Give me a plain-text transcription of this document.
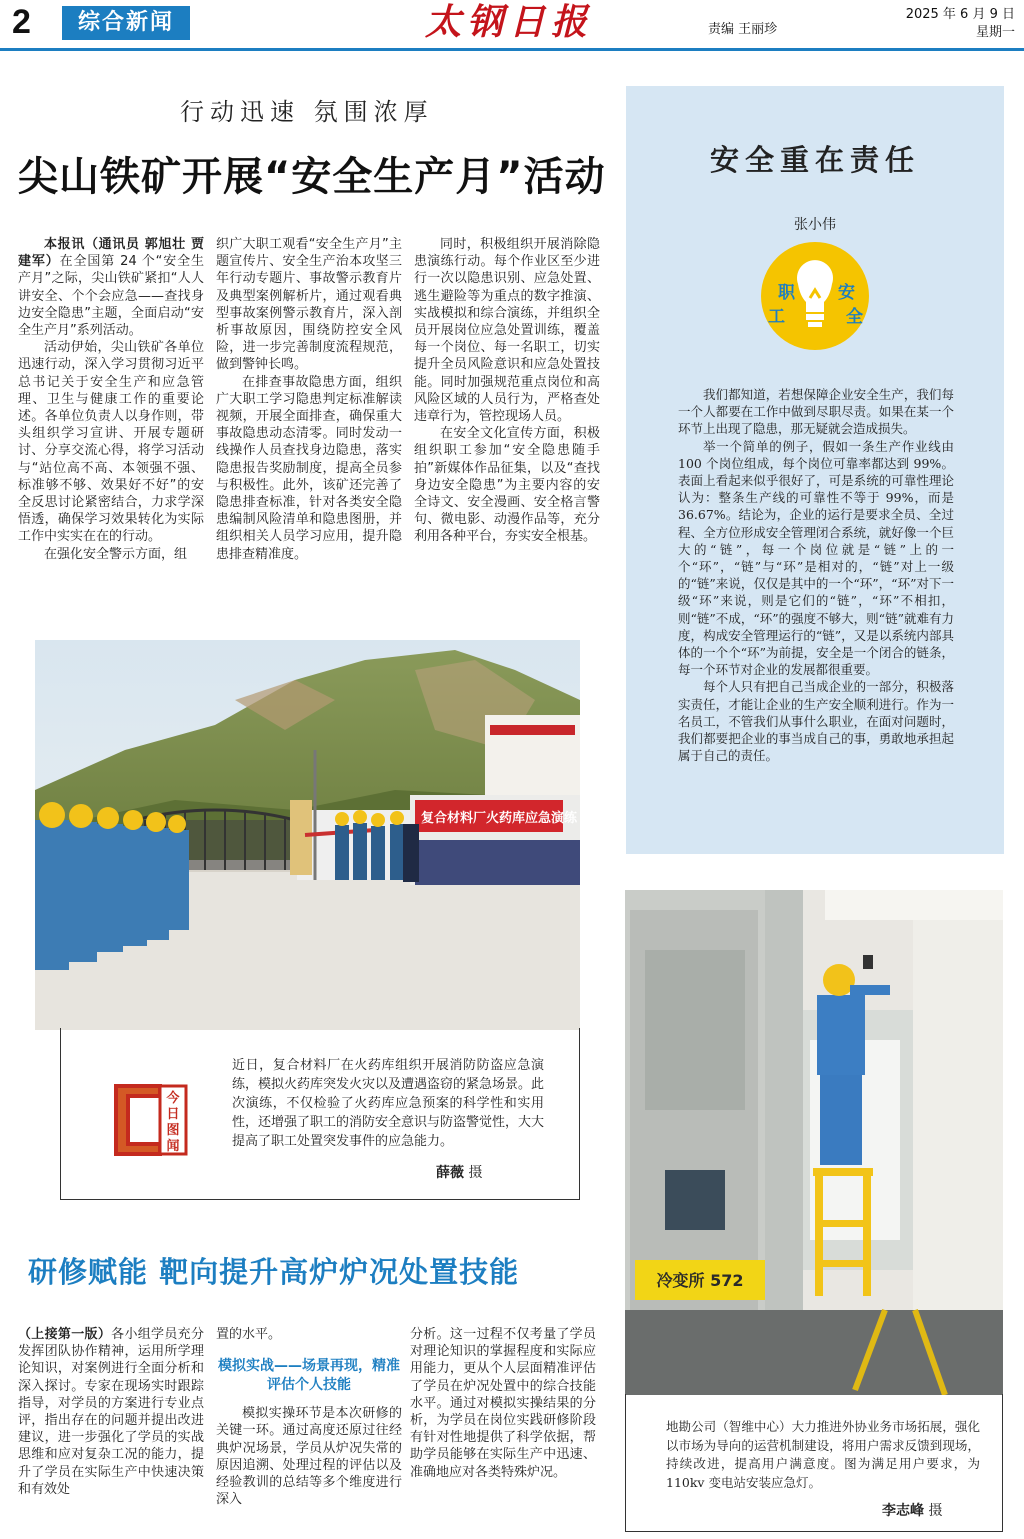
2	综合新闻	太钢日报	责编 王丽珍
2025 年 6 月 9 日
星期一
行动迅速 氛围浓厚
尖山铁矿开展“安全生产月”活动

本报讯（通讯员 郭旭壮 贾建军）在全国第 24 个“安全生产月”之际，尖山铁矿紧扣“人人讲安全、个个会应急——查找身边安全隐患”主题，全面启动“安全生产月”系列活动。

活动伊始，尖山铁矿各单位迅速行动，深入学习贯彻习近平总书记关于安全生产和应急管理、卫生与健康工作的重要论述。各单位负责人以身作则，带头组织学习宣讲、开展专题研讨、分享交流心得，将学习活动与“站位高不高、本领强不强、标准够不够、效果好不好”的安全反思讨论紧密结合，力求学深悟透，确保学习效果转化为实际工作中实实在在的行动。

在强化安全警示方面，组

织广大职工观看“安全生产月”主题宣传片、安全生产治本攻坚三年行动专题片、事故警示教育片及典型案例解析片，通过观看典型事故案例警示教育片，深入剖析事故原因，围绕防控安全风险，进一步完善制度流程规范，做到警钟长鸣。

在排查事故隐患方面，组织广大职工学习隐患判定标准解读视频，开展全面排查，确保重大事故隐患动态清零。同时发动一线操作人员查找身边隐患，落实隐患报告奖励制度，提高全员参与积极性。此外，该矿还完善了隐患排查标准，针对各类安全隐患编制风险清单和隐患图册，并组织相关人员学习应用，提升隐患排查精准度。

同时，积极组织开展消除隐患演练行动。每个作业区至少进行一次以隐患识别、应急处置、逃生避险等为重点的数字推演、实战模拟和综合演练，并组织全员开展岗位应急处置训练，覆盖每一个岗位、每一名职工，切实提升全员风险意识和应急处置技能。同时加强规范重点岗位和高风险区域的人员行为，严格查处违章行为，管控现场人员。

在安全文化宣传方面，积极组织职工参加“安全隐患随手拍”新媒体作品征集，以及“查找身边安全隐患”为主要内容的安全诗文、安全漫画、安全格言警句、微电影、动漫作品等，充分利用各种平台，夯实安全根基。

复合材料厂火药库应急演练
今
日
图
闻
近日，复合材料厂在火药库组织开展消防防盗应急演练，模拟火药库突发火灾以及遭遇盗窃的紧急场景。此次演练，不仅检验了火药库应急预案的科学性和实用性，还增强了职工的消防安全意识与防盗警觉性，大大提高了职工处置突发事件的应急能力。
薛薇 摄
研修赋能 靶向提升高炉炉况处置技能

（上接第一版）各小组学员充分发挥团队协作精神，运用所学理论知识，对案例进行全面分析和深入探讨。专家在现场实时跟踪指导，对学员的方案进行专业点评，指出存在的问题并提出改进建议，进一步强化了学员的实战思维和应对复杂工况的能力，提升了学员在实际生产中快速决策和有效处

置的水平。

模拟实战——场景再现，精准评估个人技能

模拟实操环节是本次研修的关键一环。通过高度还原过往经典炉况场景，学员从炉况失常的原因追溯、处理过程的评估以及经验教训的总结等多个维度进行深入

分析。这一过程不仅考量了学员对理论知识的掌握程度和实际应用能力，更从个人层面精准评估了学员在炉况处置中的综合技能水平。通过对模拟实操结果的分析，为学员在岗位实践研修阶段有针对性地提供了科学依据，帮助学员能够在实际生产中迅速、准确地应对各类特殊炉况。

安全重在责任
张小伟
职
工
安
全

我们都知道，若想保障企业安全生产，我们每一个人都要在工作中做到尽职尽责。如果在某一个环节上出现了隐患，那无疑就会造成损失。

举一个简单的例子，假如一条生产作业线由 100 个岗位组成，每个岗位可靠率都达到 99%。表面上看起来似乎很好了，可是系统的可靠性理论认为：整条生产线的可靠性不等于 99%，而是 36.67%。结论为，企业的运行是要求全员、全过程、全方位形成安全管理闭合系统，就好像一个巨大的“链”，每一个岗位就是“链”上的一个“环”，“链”与“环”是相对的，“链”对上一级的“链”来说，仅仅是其中的一个“环”，“环”对下一级“环”来说，则是它们的“链”，“环”不相扣，则“链”不成，“环”的强度不够大，则“链”就难有力度，构成安全管理运行的“链”，又是以系统内部具体的一个个“环”为前提，安全是一个闭合的链条，每一个环节对企业的发展都很重要。

每个人只有把自己当成企业的一部分，积极落实责任，才能让企业的生产安全顺利进行。作为一名员工，不管我们从事什么职业，在面对问题时，我们都要把企业的事当成自己的事，勇敢地承担起属于自己的责任。

冷变所 572
地勘公司（智维中心）大力推进外协业务市场拓展，强化以市场为导向的运营机制建设，将用户需求反馈到现场，持续改进，提高用户满意度。图为满足用户要求，为 110kv 变电站安装应急灯。
李志峰 摄
